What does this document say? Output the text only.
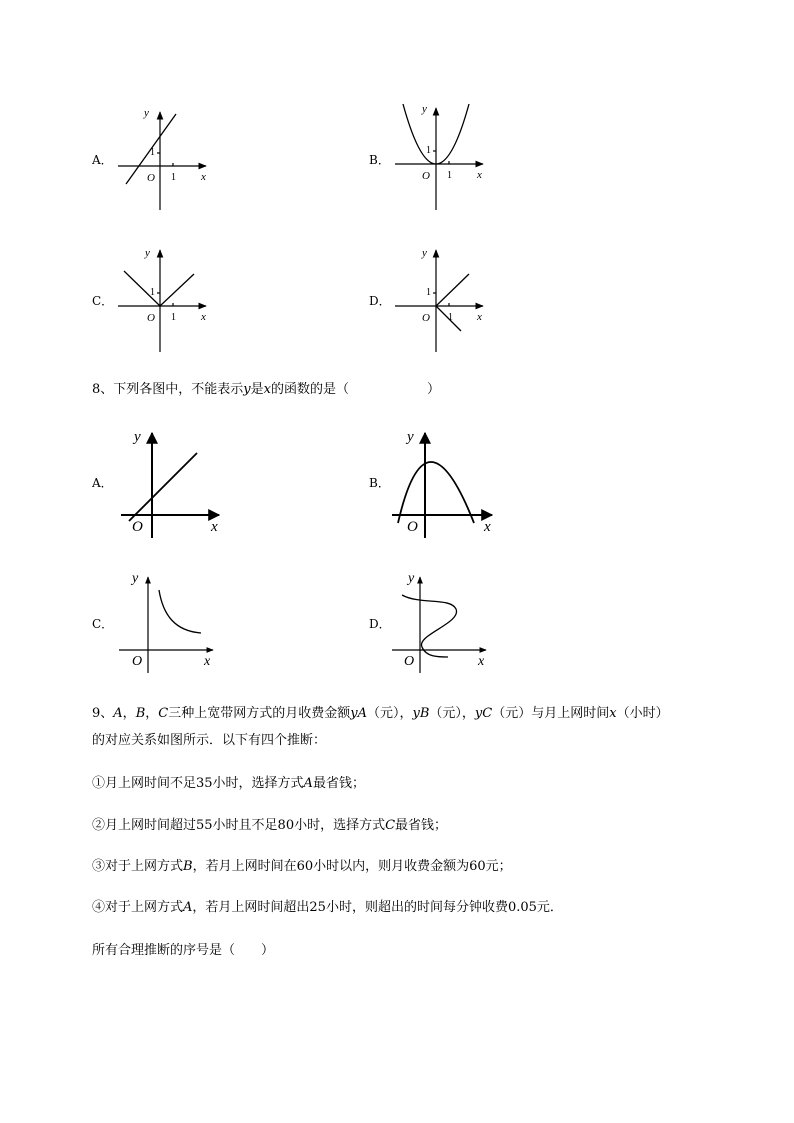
A．
y
1
O 1 x
B．
y
1
O 1 x
C．
y
1
O 1 x
D．
y
1
O 1 x
8、下列各图中，不能表示y是x的函数的是（　　　　　　）
A．
y
O	x
B．
y
O	x
C．
y
O	x
D．
y
O	x
9、A，B，C三种上宽带网方式的月收费金额yA（元），yB（元），yC（元）与月上网时间x（小时）
的对应关系如图所示．以下有四个推断：
①月上网时间不足35小时，选择方式A最省钱；
②月上网时间超过55小时且不足80小时，选择方式C最省钱；
③对于上网方式B，若月上网时间在60小时以内，则月收费金额为60元；
④对于上网方式A，若月上网时间超出25小时，则超出的时间每分钟收费0.05元．
所有合理推断的序号是（　　）
